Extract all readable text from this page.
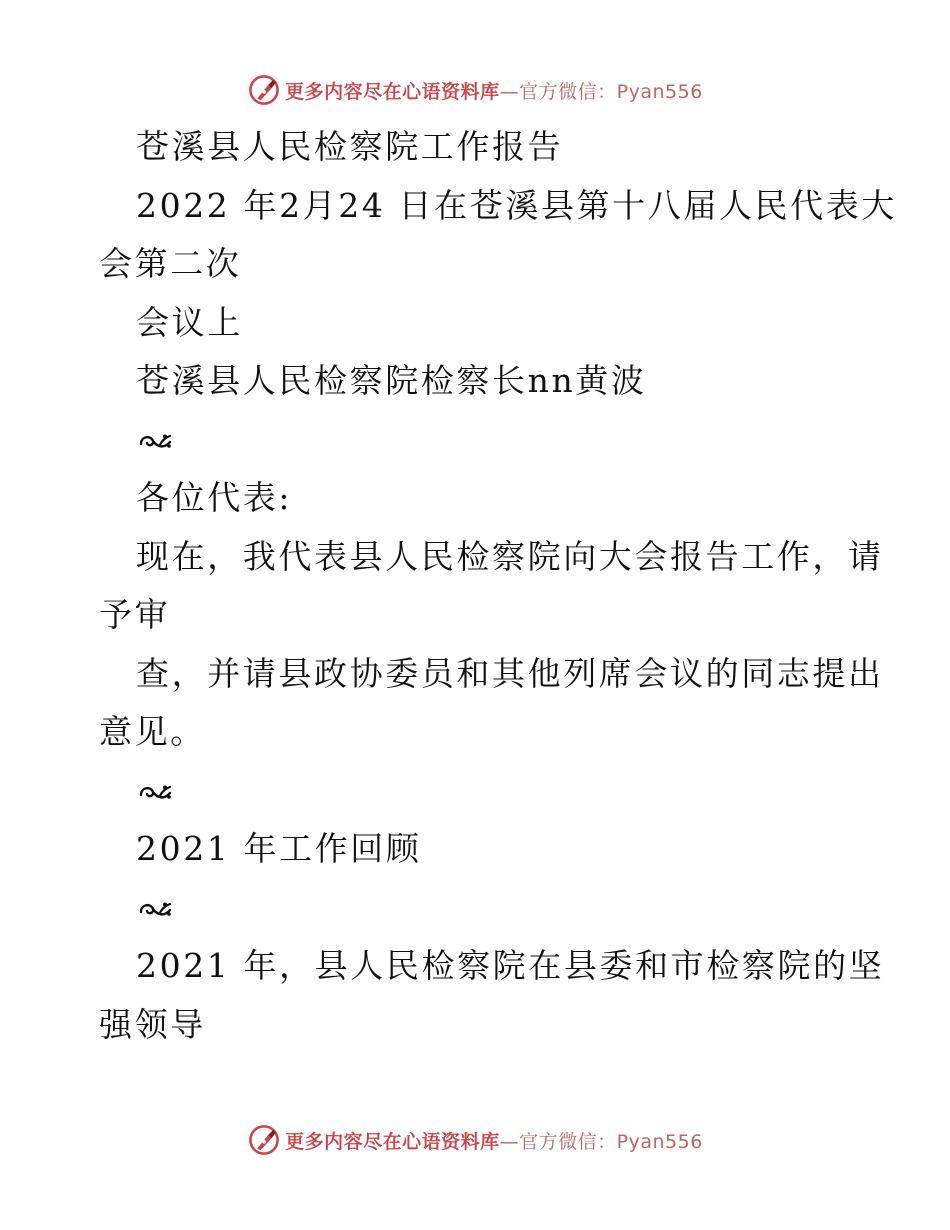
更多内容尽在心语资料库—官方微信：Pyan556
苍溪县人民检察院工作报告
2022 年2月24 日在苍溪县第十八届人民代表大
会第二次
会议上
苍溪县人民检察院检察长nn黄波
各位代表:
现在，我代表县人民检察院向大会报告工作，请
予审
查，并请县政协委员和其他列席会议的同志提出
意见。
2021 年工作回顾
2021 年，县人民检察院在县委和市检察院的坚
强领导
更多内容尽在心语资料库—官方微信：Pyan556
